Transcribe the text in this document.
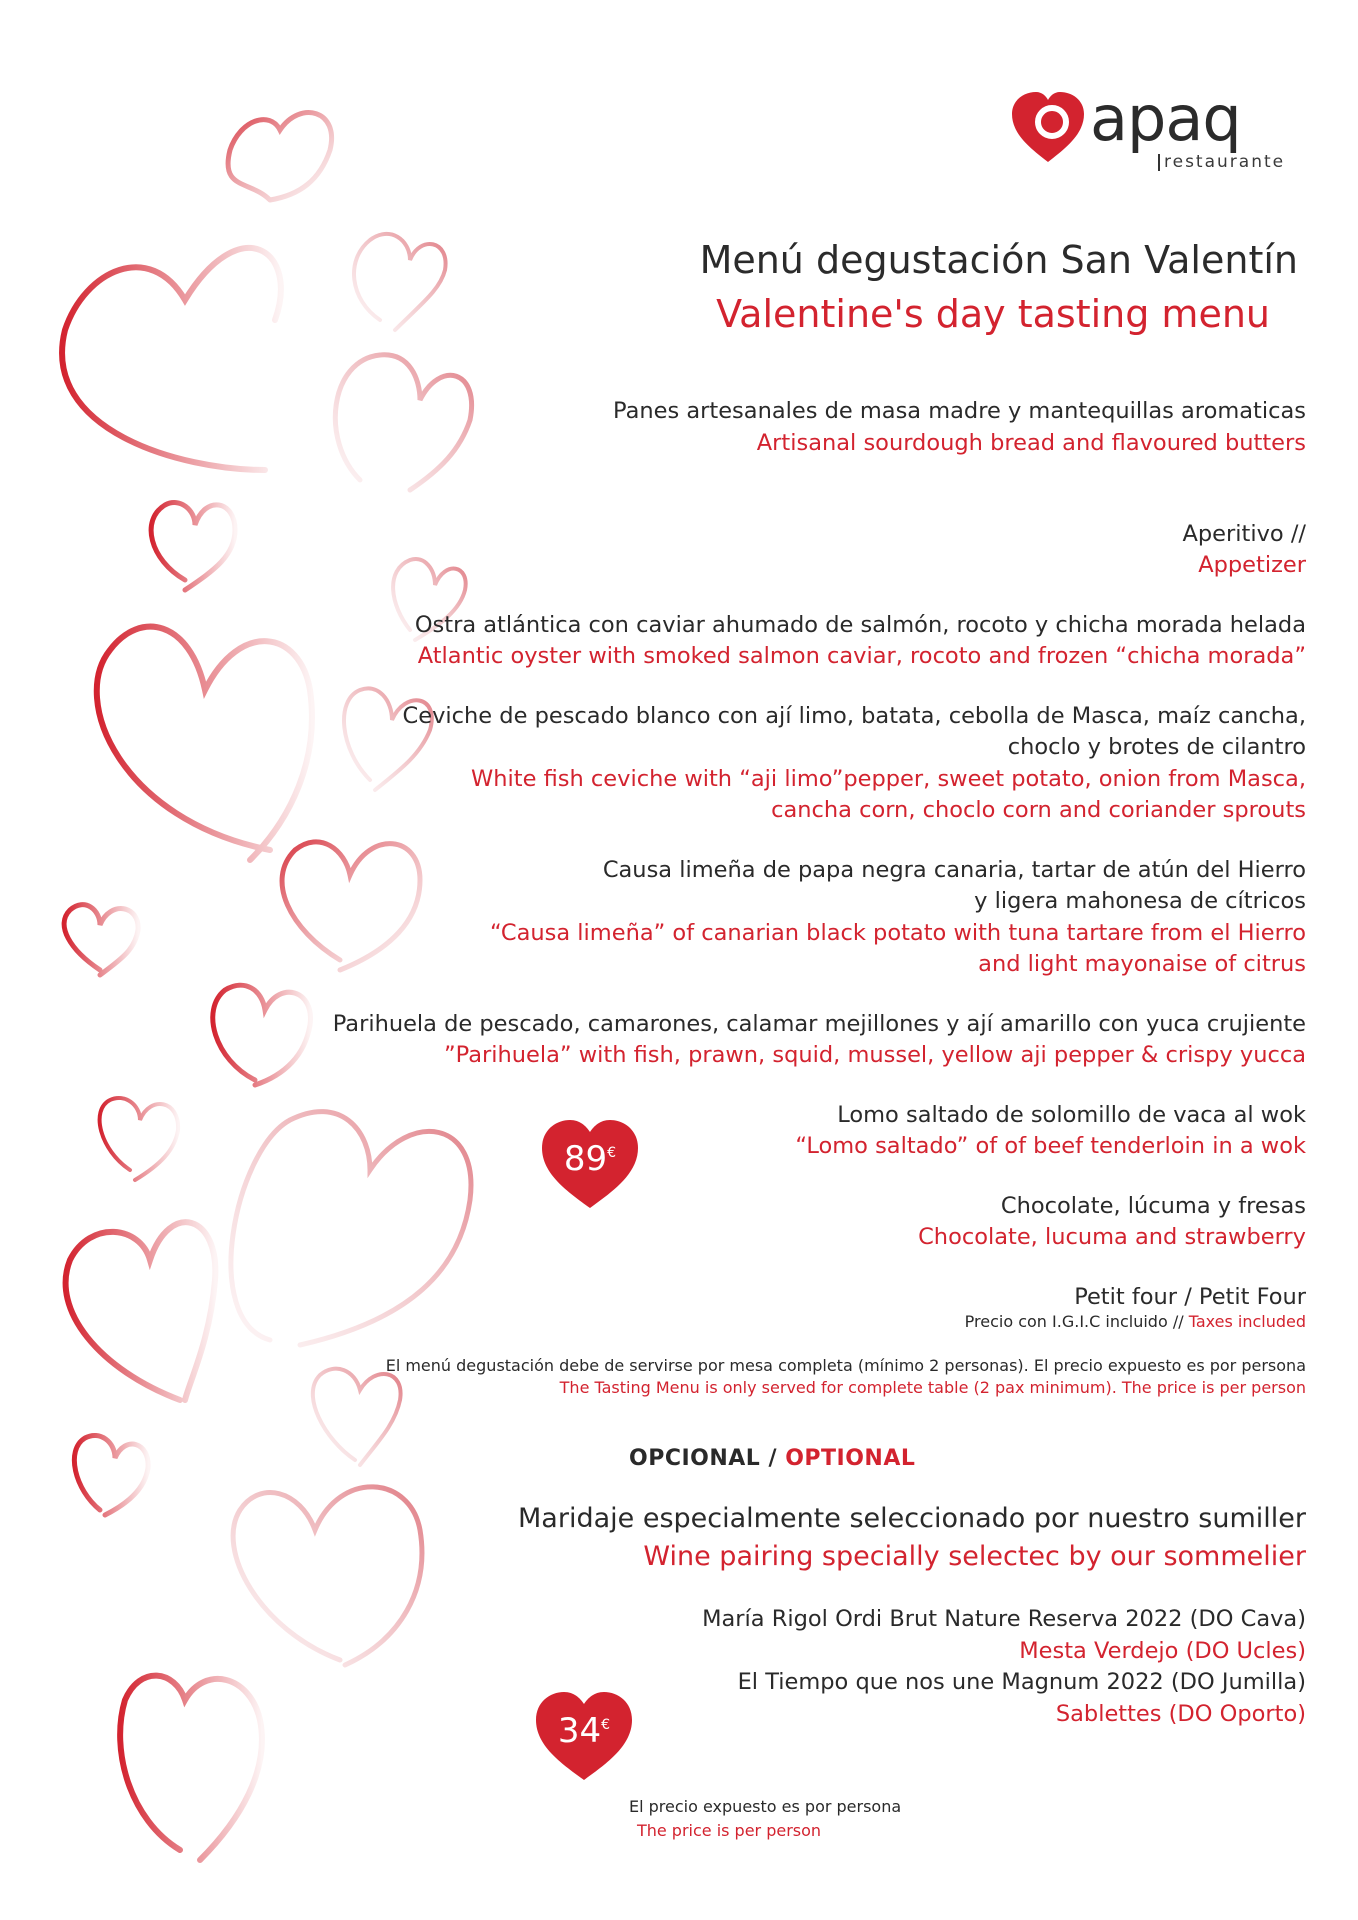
apaq
restaurante
Menú degustación San Valentín
Valentine's day tasting menu
Panes artesanales de masa madre y mantequillas aromaticas
Artisanal sourdough bread and flavoured butters

Aperitivo //
Appetizer

Ostra atlántica con caviar ahumado de salmón, rocoto y chicha morada helada
Atlantic oyster with smoked salmon caviar, rocoto and frozen “chicha morada”
Ceviche de pescado blanco con ají limo, batata, cebolla de Masca, maíz cancha,
choclo y brotes de cilantro
White fish ceviche with “aji limo”pepper, sweet potato, onion from Masca,
cancha corn, choclo corn and coriander sprouts
Causa limeña de papa negra canaria, tartar de atún del Hierro
y ligera mahonesa de cítricos
“Causa limeña” of canarian black potato with tuna tartare from el Hierro
and light mayonaise of citrus
Parihuela de pescado, camarones, calamar mejillones y ají amarillo con yuca crujiente
”Parihuela” with fish, prawn, squid, mussel, yellow aji pepper & crispy yucca
Lomo saltado de solomillo de vaca al wok
“Lomo saltado” of of beef tenderloin in a wok
Chocolate, lúcuma y fresas
Chocolate, lucuma and strawberry
Petit four / Petit Four
89€
Precio con I.G.I.C incluido // Taxes included
El menú degustación debe de servirse por mesa completa (mínimo 2 personas). El precio expuesto es por persona
The Tasting Menu is only served for complete table (2 pax minimum). The price is per person
OPCIONAL / OPTIONAL
Maridaje especialmente seleccionado por nuestro sumiller
Wine pairing specially selectec by our sommelier
María Rigol Ordi Brut Nature Reserva 2022 (DO Cava)
Mesta Verdejo (DO Ucles)
El Tiempo que nos une Magnum 2022 (DO Jumilla)
Sablettes (DO Oporto)
34€
El precio expuesto es por persona
The price is per person
